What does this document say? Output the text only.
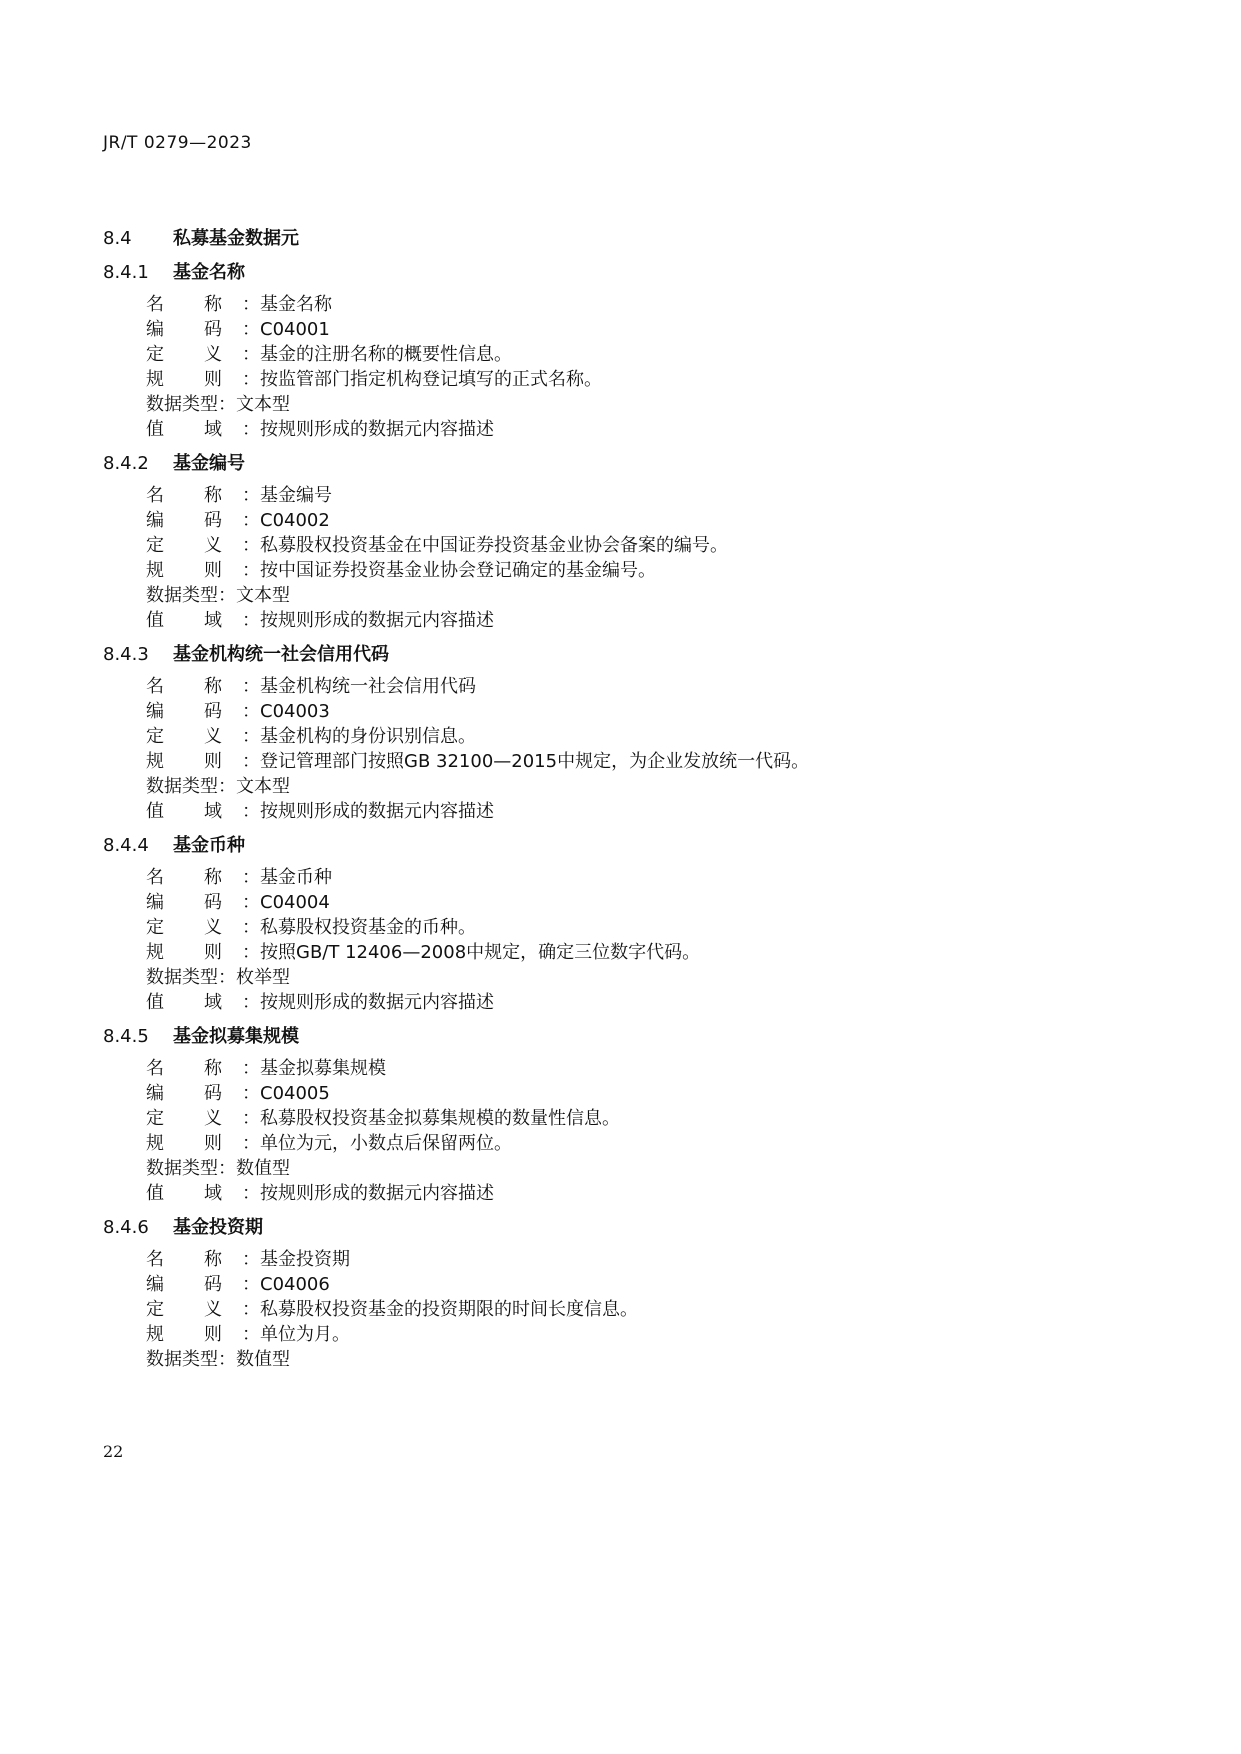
JR/T 0279—2023
8.4 私募基金数据元
8.4.1 基金名称
名 称 ：基金名称
编 码 ：C04001
定 义 ：基金的注册名称的概要性信息。
规 则 ：按监管部门指定机构登记填写的正式名称。
数据类型：文本型
值 域 ：按规则形成的数据元内容描述
8.4.2 基金编号
名 称 ：基金编号
编 码 ：C04002
定 义 ：私募股权投资基金在中国证券投资基金业协会备案的编号。
规 则 ：按中国证券投资基金业协会登记确定的基金编号。
数据类型：文本型
值 域 ：按规则形成的数据元内容描述
8.4.3 基金机构统一社会信用代码
名 称 ：基金机构统一社会信用代码
编 码 ：C04003
定 义 ：基金机构的身份识别信息。
规 则 ：登记管理部门按照GB 32100—2015中规定，为企业发放统一代码。
数据类型：文本型
值 域 ：按规则形成的数据元内容描述
8.4.4 基金币种
名 称 ：基金币种
编 码 ：C04004
定 义 ：私募股权投资基金的币种。
规 则 ：按照GB/T 12406—2008中规定，确定三位数字代码。
数据类型：枚举型
值 域 ：按规则形成的数据元内容描述
8.4.5 基金拟募集规模
名 称 ：基金拟募集规模
编 码 ：C04005
定 义 ：私募股权投资基金拟募集规模的数量性信息。
规 则 ：单位为元，小数点后保留两位。
数据类型：数值型
值 域 ：按规则形成的数据元内容描述
8.4.6 基金投资期
名 称 ：基金投资期
编 码 ：C04006
定 义 ：私募股权投资基金的投资期限的时间长度信息。
规 则 ：单位为月。
数据类型：数值型
22
